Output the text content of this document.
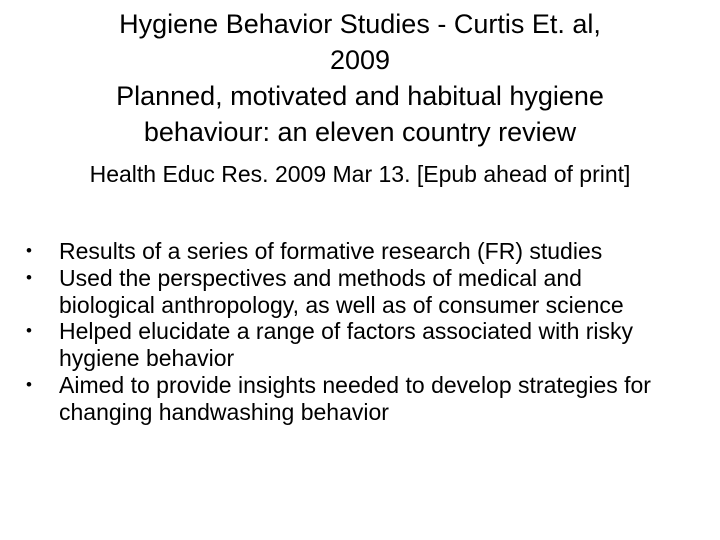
Hygiene Behavior Studies - Curtis Et. al,

2009

Planned, motivated and habitual hygiene

behaviour: an eleven country review

Health Educ Res. 2009 Mar 13. [Epub ahead of print]
• Results of a series of formative research (FR) studies
• Used the perspectives and methods of medical and biological anthropology, as well as of consumer science
• Helped elucidate a range of factors associated with risky hygiene behavior
• Aimed to provide insights needed to develop strategies for changing handwashing behavior
